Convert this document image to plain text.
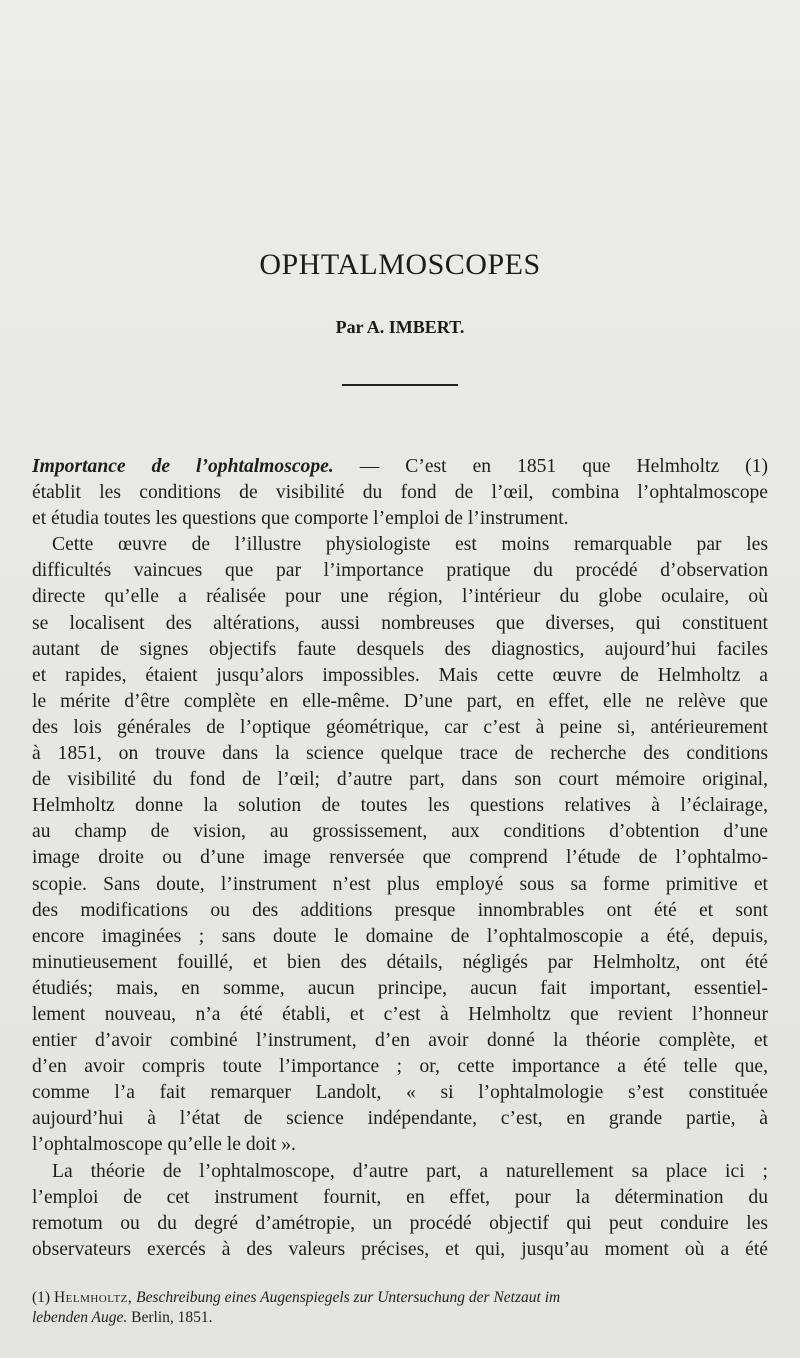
OPHTALMOSCOPES
Par A. IMBERT.
Importance de l’ophtalmoscope. — C’est en 1851 que Helmholtz (1)
établit les conditions de visibilité du fond de l’œil, combina l’ophtalmoscope
et étudia toutes les questions que comporte l’emploi de l’instrument.
Cette œuvre de l’illustre physiologiste est moins remarquable par les
difficultés vaincues que par l’importance pratique du procédé d’observation
directe qu’elle a réalisée pour une région, l’intérieur du globe oculaire, où
se localisent des altérations, aussi nombreuses que diverses, qui constituent
autant de signes objectifs faute desquels des diagnostics, aujourd’hui faciles
et rapides, étaient jusqu’alors impossibles. Mais cette œuvre de Helmholtz a
le mérite d’être complète en elle-même. D’une part, en effet, elle ne relève que
des lois générales de l’optique géométrique, car c’est à peine si, antérieurement
à 1851, on trouve dans la science quelque trace de recherche des conditions
de visibilité du fond de l’œil; d’autre part, dans son court mémoire original,
Helmholtz donne la solution de toutes les questions relatives à l’éclairage,
au champ de vision, au grossissement, aux conditions d’obtention d’une
image droite ou d’une image renversée que comprend l’étude de l’ophtalmo-
scopie. Sans doute, l’instrument n’est plus employé sous sa forme primitive et
des modifications ou des additions presque innombrables ont été et sont
encore imaginées ; sans doute le domaine de l’ophtalmoscopie a été, depuis,
minutieusement fouillé, et bien des détails, négligés par Helmholtz, ont été
étudiés; mais, en somme, aucun principe, aucun fait important, essentiel-
lement nouveau, n’a été établi, et c’est à Helmholtz que revient l’honneur
entier d’avoir combiné l’instrument, d’en avoir donné la théorie complète, et
d’en avoir compris toute l’importance ; or, cette importance a été telle que,
comme l’a fait remarquer Landolt, « si l’ophtalmologie s’est constituée
aujourd’hui à l’état de science indépendante, c’est, en grande partie, à
l’ophtalmoscope qu’elle le doit ».
La théorie de l’ophtalmoscope, d’autre part, a naturellement sa place ici ;
l’emploi de cet instrument fournit, en effet, pour la détermination du
remotum ou du degré d’amétropie, un procédé objectif qui peut conduire les
observateurs exercés à des valeurs précises, et qui, jusqu’au moment où a été
(1) Helmholtz, Beschreibung eines Augenspiegels zur Untersuchung der Netzaut im
lebenden Auge. Berlin, 1851.
